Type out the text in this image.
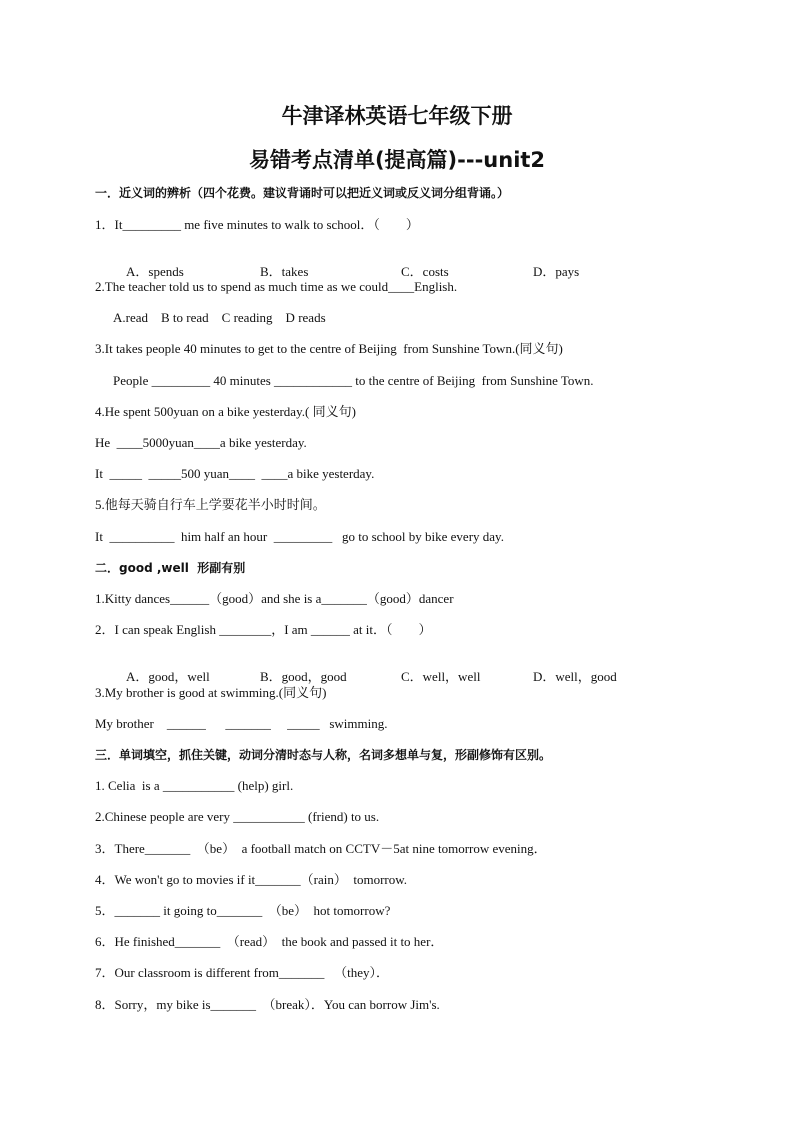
牛津译林英语七年级下册
易错考点清单(提高篇)---unit2
一．近义词的辨析（四个花费。建议背诵时可以把近义词或反义词分组背诵。）
1．It_________ me five minutes to walk to school．（　　）

A．spends	B．takes	C．costs	D．pays

2.The teacher told us to spend as much time as we could____English.
A.read    B to read    C reading    D reads
3.It takes people 40 minutes to get to the centre of Beijing  from Sunshine Town.(同义句)
People _________ 40 minutes ____________ to the centre of Beijing  from Sunshine Town.
4.He spent 500yuan on a bike yesterday.( 同义句)
He  ____5000yuan____a bike yesterday.
It  _____  _____500 yuan____  ____a bike yesterday.
5.他每天骑自行车上学要花半小时时间。
It  __________  him half an hour  _________   go to school by bike every day.
二．good ,well  形副有别
1.Kitty dances______（good）and she is a_______（good）dancer
2．I can speak English ________，I am ______ at it．（　　）

A．good，well	B．good，good	C．well，well	D．well，good

3.My brother is good at swimming.(同义句)
My brother    ______      _______     _____   swimming.
三．单词填空，抓住关键，动词分清时态与人称，名词多想单与复，形副修饰有区别。
1. Celia  is a ___________ (help) girl.
2.Chinese people are very ___________ (friend) to us.
3．There_______  （be）  a football match on CCTV－5at nine tomorrow evening．
4．We won't go to movies if it_______（rain）  tomorrow.
5．_______ it going to_______  （be）  hot tomorrow?
6．He finished_______  （read）  the book and passed it to her．
7．Our classroom is different from_______   （they）．
8．Sorry，my bike is_______  （break）．You can borrow Jim's.
